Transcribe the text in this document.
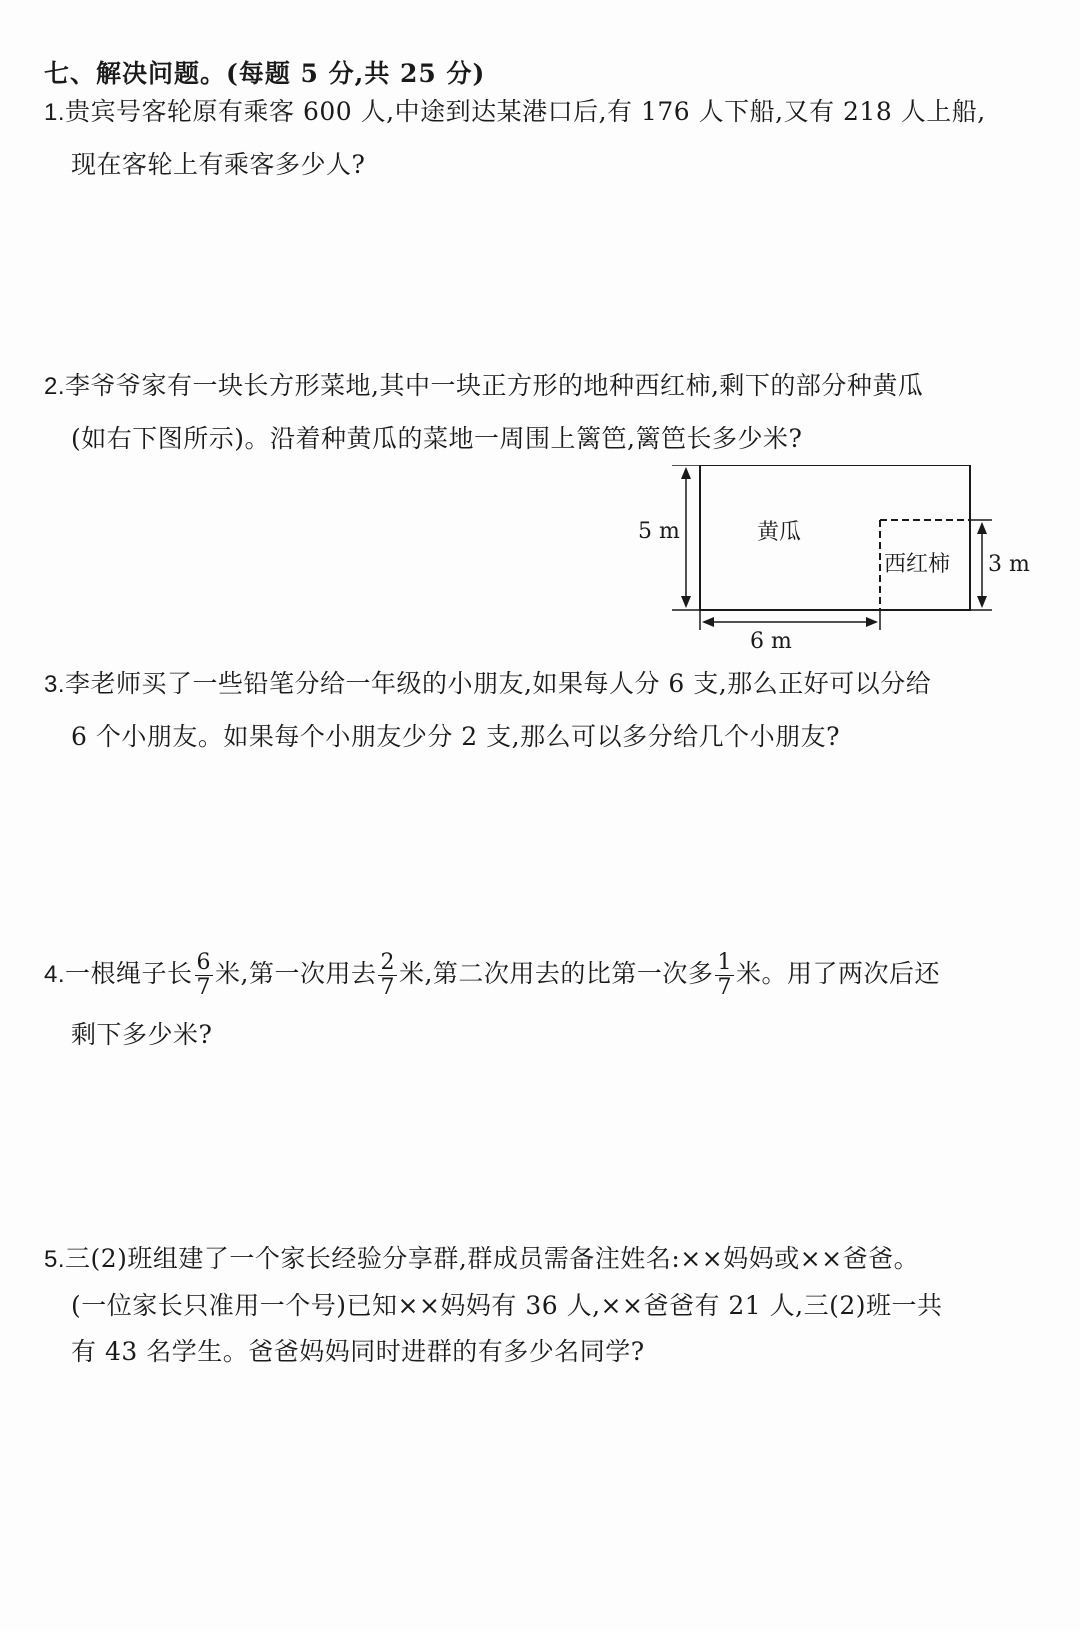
七、解决问题。(每题 5 分,共 25 分)
1.贵宾号客轮原有乘客 600 人,中途到达某港口后,有 176 人下船,又有 218 人上船,
现在客轮上有乘客多少人?
2.李爷爷家有一块长方形菜地,其中一块正方形的地种西红柿,剩下的部分种黄瓜
(如右下图所示)。沿着种黄瓜的菜地一周围上篱笆,篱笆长多少米?
5 m
3 m
6 m
黄瓜
西红柿
3.李老师买了一些铅笔分给一年级的小朋友,如果每人分 6 支,那么正好可以分给
6 个小朋友。如果每个小朋友少分 2 支,那么可以多分给几个小朋友?
4.一根绳子长 $\frac{6}{7}$ 米,第一次用去 $\frac{2}{7}$ 米,第二次用去的比第一次多 $\frac{1}{7}$ 米。用了两次后还
剩下多少米?
5.三(2)班组建了一个家长经验分享群,群成员需备注姓名:××妈妈或××爸爸。
(一位家长只准用一个号)已知××妈妈有 36 人,××爸爸有 21 人,三(2)班一共
有 43 名学生。爸爸妈妈同时进群的有多少名同学?
